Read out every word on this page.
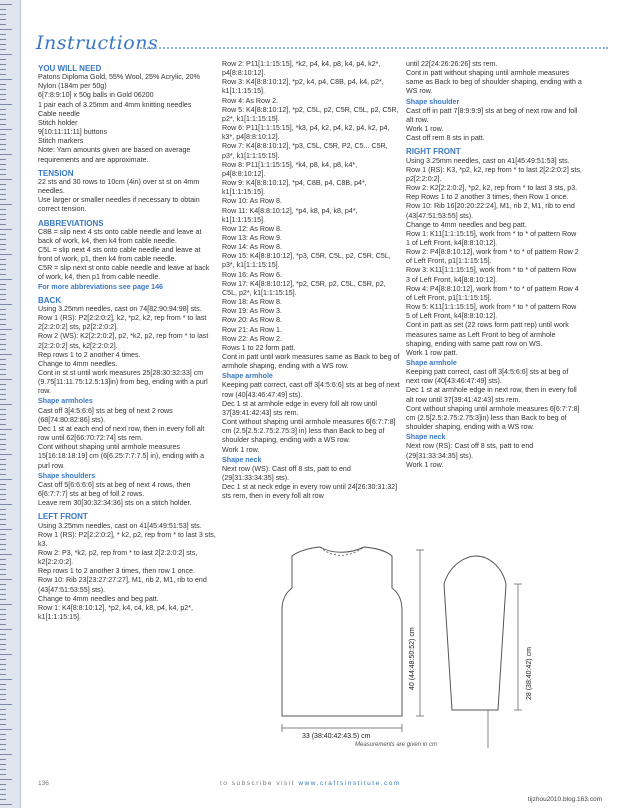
Instructions
YOU WILL NEED
Patons Diploma Gold, 55% Wool, 25% Acrylic, 20% Nylon (184m per 50g)
6[7:8:9:10] x 50g balls in Gold 06200
1 pair each of 3.25mm and 4mm knitting needles
Cable needle
Stitch holder
9[10:11:11:11] buttons
Stitch markers
Note: Yarn amounts given are based on average requirements and are approximate.
TENSION
22 sts and 30 rows to 10cm (4in) over st st on 4mm needles.
Use larger or smaller needles if necessary to obtain correct tension.
ABBREVIATIONS
C8B = slip next 4 sts onto cable needle and leave at back of work, k4, then k4 from cable needle.
C5L = slip next 4 sts onto cable needle and leave at front of work, p1, then k4 from cable needle.
C5R = slip next st onto cable needle and leave at back of work, k4, then p1 from cable needle.
For more abbreviations see page 146
BACK
Using 3.25mm needles, cast on 74[82:90:94:98] sts.
Row 1 (RS): P2[2:2:0:2], k2, *p2, k2, rep from * to last 2[2:2:0:2] sts, p2[2:2:0:2].
Row 2 (WS): K2[2:2:0:2], p2, *k2, p2, rep from * to last 2[2:2:0:2] sts, k2[2:2:0:2].
Rep rows 1 to 2 another 4 times.
Change to 4mm needles.
Cont in st st until work measures 25[28:30:32:33] cm (9.75[11:11.75:12.5:13]in) from beg, ending with a purl row.
Shape armholes
Cast off 3[4:5:6:6] sts at beg of next 2 rows (68[74:80:82:86] sts).
Dec 1 st at each end of next row, then in every foll alt row until 62[66:70:72:74] sts rem.
Cont without shaping until armhole measures 15[16:18:18:19] cm (6[6.25:7:7:7.5] in), ending with a purl row.
Shape shoulders
Cast off 5[6:6:6:6] sts at beg of next 4 rows, then 6[6:7:7:7] sts at beg of foll 2 rows.
Leave rem 30[30:32:34:36] sts on a stitch holder.
LEFT FRONT
Using 3.25mm needles, cast on 41[45:49:51:53] sts.
Row 1 (RS): P2[2:2:0:2], * k2, p2, rep from * to last 3 sts, k3.
Row 2: P3, *k2, p2, rep from * to last 2[2:2:0:2] sts, k2[2:2:0:2].
Rep rows 1 to 2 another 3 times, then row 1 once.
Row 10: Rib 23[23:27:27:27], M1, rib 2, M1, rib to end (43[47:51:53:55] sts).
Change to 4mm needles and beg patt.
Row 1: K4[8:8:10:12], *p2, k4, c4, k8, p4, k4, p2*, k1[1:1:15:15].
Row 2: P11[1:1:15:15], *k2, p4, k4, p8, k4, p4, k2*, p4[8:8:10:12].
Row 3: K4[8:8:10:12], *p2, k4, p4, C8B, p4, k4, p2*, k1[1:1:15:15].
Row 4: As Row 2.
Row 5: K4[8:8:10:12], *p2, C5L, p2, C5R, C5L, p2, C5R, p2*, k1[1:1:15:15].
Row 6: P11[1:1:15:15], *k3, p4, k2, p4, k2, p4, k2, p4, k3*, p4[8:8:10:12].
Row 7: K4[8:8:10:12], *p3, C5L, C5R, P2, C5... C5R, p3*, k1[1:1:15:15].
Row 8: P11[1:1:15:15], *k4, p8, k4, p8, k4*, p4[8:8:10:12].
Row 9: K4[8:8:10:12], *p4, C8B, p4, C8B, p4*, k1[1:1:15:15].
Row 10: As Row 8.
Row 11: K4[8:8:10:12], *p4, k8, p4, k8, p4*, k1[1:1:15:15].
Row 12: As Row 8.
Row 13: As Row 9.
Row 14: As Row 8.
Row 15: K4[8:8:10:12], *p3, C5R, C5L, p2, C5R, C5L, p3*, k1[1:1:15:15].
Row 16: As Row 6.
Row 17: K4[8:8:10:12], *p2, C5R, p2, C5L, C5R, p2, C5L, p2*, k1[1:1:15:15].
Row 18: As Row 8.
Row 19: As Row 3.
Row 20: As Row 8.
Row 21: As Row 1.
Row 22: As Row 2.
Rows 1 to 22 form patt.
Cont in patt until work measures same as Back to beg of armhole shaping, ending with a WS row.
Shape armhole
Keeping patt correct, cast off 3[4:5:6:6] sts at beg of next row (40[43:46:47:49] sts).
Dec 1 st at armhole edge in every foll alt row until 37[39:41:42:43] sts rem.
Cont without shaping until armhole measures 6[6:7:7:8] cm (2.5[2.5:2.75:2.75:3] in) less than Back to beg of shoulder shaping, ending with a WS row.
Work 1 row.
Shape neck
Next row (WS): Cast off 8 sts, patt to end (29[31:33:34:35] sts).
Dec 1 st at neck edge in every row until 24[26:30:31:32] sts rem, then in every foll alt row
until 22[24:26:26:26] sts rem.
Cont in patt without shaping until armhole measures same as Back to beg of shoulder shaping, ending with a WS row.
Shape shoulder
Cast off in patt 7[8:9:9:9] sts at beg of next row and foll alt row.
Work 1 row.
Cast off rem 8 sts in patt.
RIGHT FRONT
Using 3.25mm needles, cast on 41[45:49:51:53] sts.
Row 1 (RS): K3, *p2, k2, rep from * to last 2[2:2:0:2] sts, p2[2:2:0:2].
Row 2: K2[2:2:0:2], *p2, k2, rep from * to last 3 sts, p3.
Rep Rows 1 to 2 another 3 times, then Row 1 once.
Row 10: Rib 16[20:20:22:24], M1, rib 2, M1, rib to end (43[47:51:53:55] sts).
Change to 4mm needles and beg patt.
Row 1: K11[1:1:15:15], work from * to * of pattern Row 1 of Left Front, k4[8:8:10:12].
Row 2: P4[8:8:10:12], work from * to * of pattern Row 2 of Left Front, p1[1:1:15:15].
Row 3: K11[1:1:15:15], work from * to * of pattern Row 3 of Left Front, k4[8:8:10:12].
Row 4: P4[8:8:10:12], work from * to * of pattern Row 4 of Left Front, p1[1:1:15:15].
Row 5: K11[1:1:15:15], work from * to * of pattern Row 5 of Left Front, k4[8:8:10:12].
Cont in patt as set (22 rows form patt rep) until work measures same as Left Front to beg of armhole shaping, ending with same patt row on WS.
Work 1 row patt.
Shape armhole
Keeping patt correct, cast off 3[4:5:6:6] sts at beg of next row (40[43:46:47:49] sts).
Dec 1 st at armhole edge in next row, then in every foll alt row until 37[39:41:42:43] sts rem.
Cont without shaping until armhole measures 6[6:7:7:8] cm (2.5[2.5:2.75:2.75:3]in) less than Back to beg of shoulder shaping, ending with a WS row.
Shape neck
Next row (RS): Cast off 8 sts, patt to end (29[31:33:34:35] sts).
Work 1 row.
40 (44:48:50:52) cm
33 (38:40:42:43.5) cm
28 (38:40:42) cm
Measurements are given in cm
136	to subscribe visit www.craftsinstitute.com
tijzhou2010.blog.163.com
